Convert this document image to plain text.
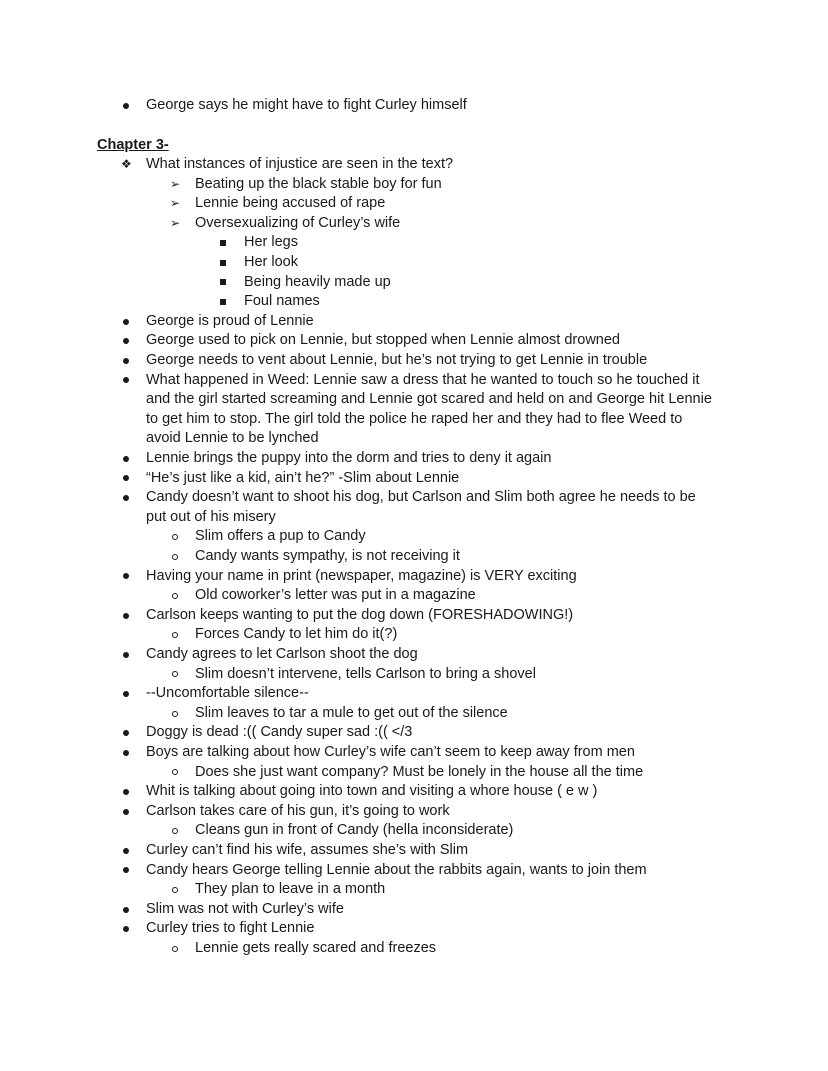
George says he might have to fight Curley himself
Chapter 3-
❖ What instances of injustice are seen in the text?
➢ Beating up the black stable boy for fun
➢ Lennie being accused of rape
➢ Oversexualizing of Curley’s wife
Her legs
Her look
Being heavily made up
Foul names
George is proud of Lennie
George used to pick on Lennie, but stopped when Lennie almost drowned
George needs to vent about Lennie, but he’s not trying to get Lennie in trouble
What happened in Weed: Lennie saw a dress that he wanted to touch so he touched it
and the girl started screaming and Lennie got scared and held on and George hit Lennie
to get him to stop. The girl told the police he raped her and they had to flee Weed to
avoid Lennie to be lynched
Lennie brings the puppy into the dorm and tries to deny it again
“He’s just like a kid, ain’t he?” -Slim about Lennie
Candy doesn’t want to shoot his dog, but Carlson and Slim both agree he needs to be
put out of his misery
Slim offers a pup to Candy
Candy wants sympathy, is not receiving it
Having your name in print (newspaper, magazine) is VERY exciting
Old coworker’s letter was put in a magazine
Carlson keeps wanting to put the dog down (FORESHADOWING!)
Forces Candy to let him do it(?)
Candy agrees to let Carlson shoot the dog
Slim doesn’t intervene, tells Carlson to bring a shovel
--Uncomfortable silence--
Slim leaves to tar a mule to get out of the silence
Doggy is dead :(( Candy super sad :(( </3
Boys are talking about how Curley’s wife can’t seem to keep away from men
Does she just want company? Must be lonely in the house all the time
Whit is talking about going into town and visiting a whore house ( e w )
Carlson takes care of his gun, it’s going to work
Cleans gun in front of Candy (hella inconsiderate)
Curley can’t find his wife, assumes she’s with Slim
Candy hears George telling Lennie about the rabbits again, wants to join them
They plan to leave in a month
Slim was not with Curley’s wife
Curley tries to fight Lennie
Lennie gets really scared and freezes
